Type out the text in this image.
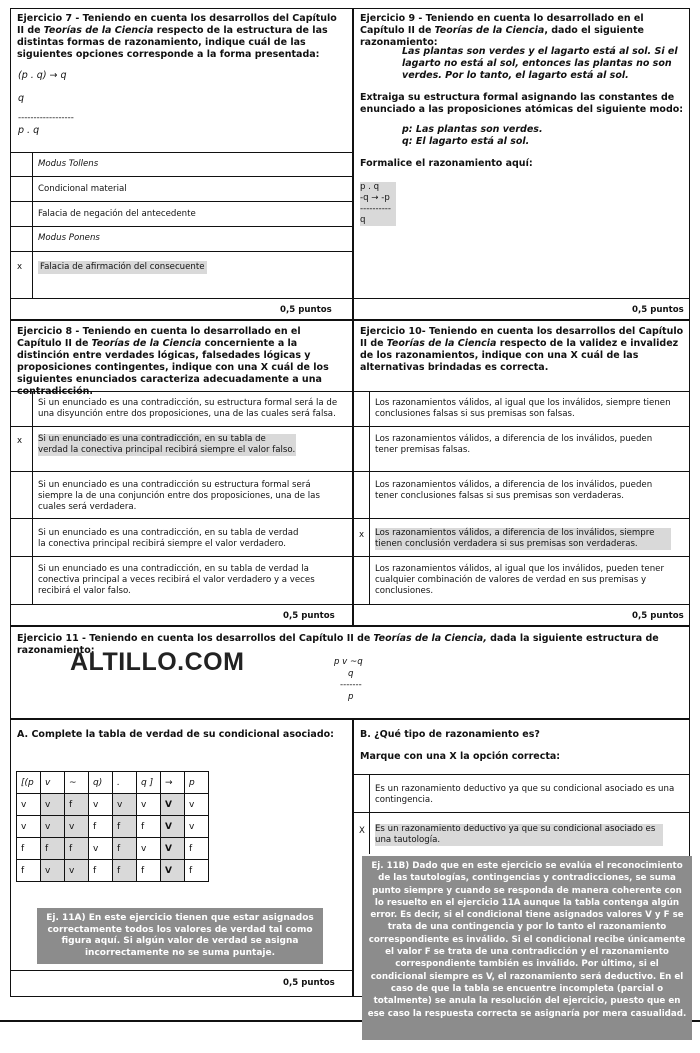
Ejercicio 7 - Teniendo en cuenta los desarrollos del Capítulo II de Teorías de la Ciencia respecto de la estructura de las distintas formas de razonamiento, indique cuál de las siguientes opciones corresponde a la forma presentada:
(p . q) → q
q
------------------
p . q
Modus Tollens
Condicional material
Falacia de negación del antecedente
Modus Ponens
x Falacia de afirmación del consecuente
0,5 puntos
Ejercicio 9 - Teniendo en cuenta lo desarrollado en el Capítulo II de Teorías de la Ciencia, dado el siguiente razonamiento:
Las plantas son verdes y el lagarto está al sol. Si el lagarto no está al sol, entonces las plantas no son verdes. Por lo tanto, el lagarto está al sol.
Extraiga su estructura formal asignando las constantes de enunciado a las proposiciones atómicas del siguiente modo:
p: Las plantas son verdes.
q: El lagarto está al sol.
Formalice el razonamiento aquí:
p . q
-q → -p
----------
q
0,5 puntos
Ejercicio 8 - Teniendo en cuenta lo desarrollado en el Capítulo II de Teorías de la Ciencia concerniente a la distinción entre verdades lógicas, falsedades lógicas y proposiciones contingentes, indique con una X cuál de los siguientes enunciados caracteriza adecuadamente a una
Si un enunciado es una contradicción, su estructura formal será la de una disyunción entre dos proposiciones, una de las cuales será falsa.
x Si un enunciado es una contradicción, en su tabla de verdad la conectiva principal recibirá siempre el valor falso.
Si un enunciado es una contradicción su estructura formal será siempre la de una conjunción entre dos proposiciones, una de las cuales será verdadera.
Si un enunciado es una contradicción, en su tabla de verdad la conectiva principal recibirá siempre el valor verdadero.
Si un enunciado es una contradicción, en su tabla de verdad la conectiva principal a veces recibirá el valor verdadero y a veces recibirá el valor falso.
0,5 puntos
Ejercicio 10- Teniendo en cuenta los desarrollos del Capítulo II de Teorías de la Ciencia respecto de la validez e invalidez de los razonamientos, indique con una X cuál de las alternativas brindadas es correcta.
Los razonamientos válidos, al igual que los inválidos, siempre tienen conclusiones falsas si sus premisas son falsas.
Los razonamientos válidos, a diferencia de los inválidos, pueden tener premisas falsas.
Los razonamientos válidos, a diferencia de los inválidos, pueden tener conclusiones falsas si sus premisas son verdaderas.
x Los razonamientos válidos, a diferencia de los inválidos, siempre tienen conclusión verdadera si sus premisas son verdaderas.
Los razonamientos válidos, al igual que los inválidos, pueden tener cualquier combinación de valores de verdad en sus premisas y conclusiones.
0,5 puntos
Ejercicio 11 - Teniendo en cuenta los desarrollos del Capítulo II de Teorías de la Ciencia, dada la siguiente estructura de razonamiento:
ALTILLO.COM	p v ~q
q
-------
p
A. Complete la tabla de verdad de su condicional asociado:
[(p	v	~	q)	.	q ]	→	p
v	v	f	v	v	v	V	v
v	v	v	f	f	f	V	v
f	f	f	v	f	v	V	f
f	v	v	f	f	f	V	f
Ej. 11A) En este ejercicio tienen que estar asignados correctamente todos los valores de verdad tal como figura aquí. Si algún valor de verdad se asigna incorrectamente no se suma puntaje.
0,5 puntos
B. ¿Qué tipo de razonamiento es?
Marque con una X la opción correcta:
Es un razonamiento deductivo ya que su condicional asociado es una contingencia.
X Es un razonamiento deductivo ya que su condicional asociado es una tautología.
Ej. 11B) Dado que en este ejercicio se evalúa el reconocimiento de las tautologías, contingencias y contradicciones, se suma punto siempre y cuando se responda de manera coherente con lo resuelto en el ejercicio 11A aunque la tabla contenga algún error. Es decir, si el condicional tiene asignados valores V y F se trata de una contingencia y por lo tanto el razonamiento correspondiente es inválido. Si el condicional recibe únicamente el valor F se trata de una contradicción y el razonamiento correspondiente también es inválido. Por último, si el condicional siempre es V, el razonamiento será deductivo. En el caso de que la tabla se encuentre incompleta (parcial o totalmente) se anula la resolución del ejercicio, puesto que en ese caso la respuesta correcta se asignaría por mera casualidad.
